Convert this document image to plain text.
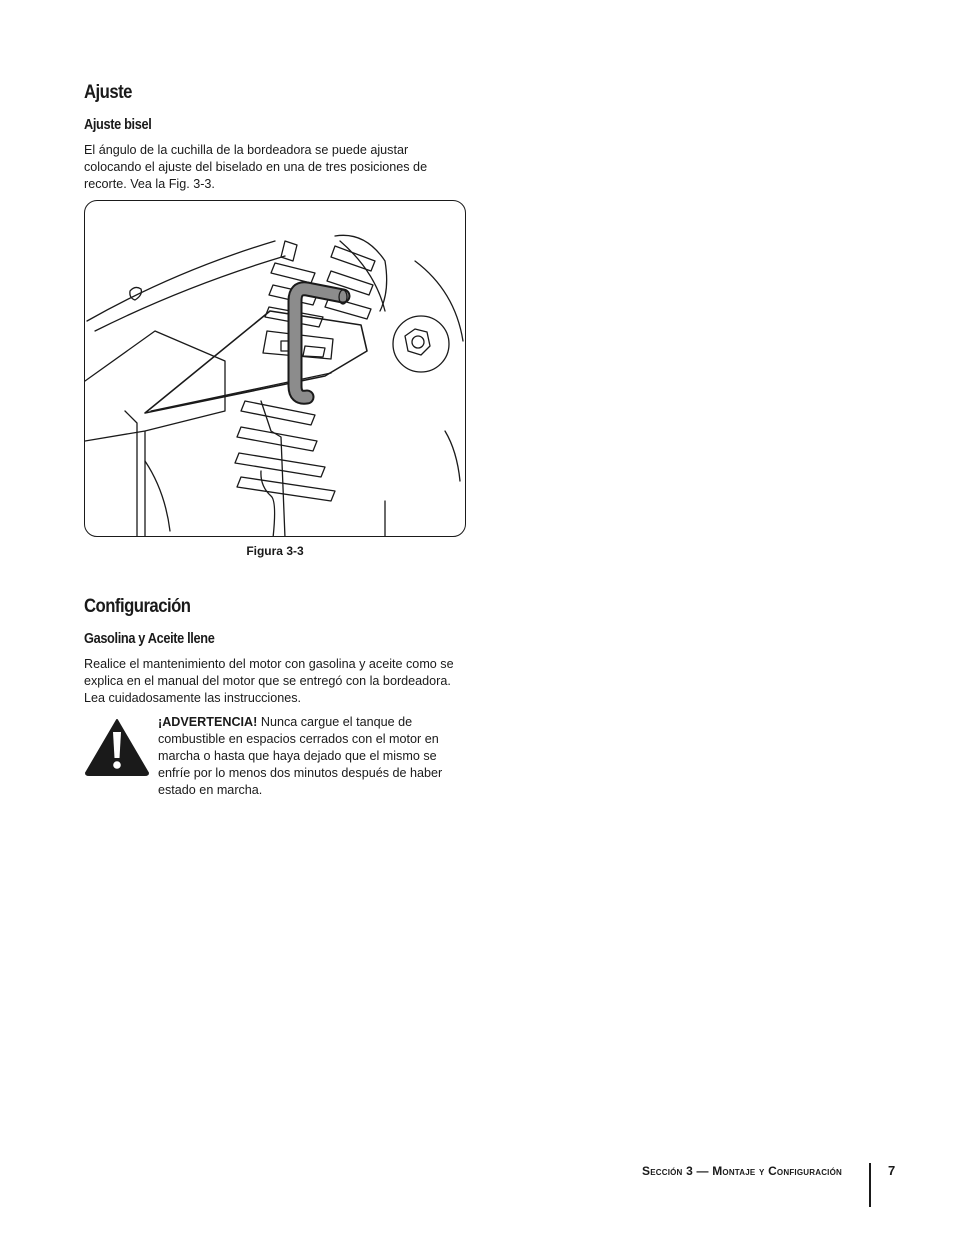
Ajuste
Ajuste bisel

El ángulo de la cuchilla de la bordeadora se puede ajustar colocando el ajuste del biselado en una de tres posiciones de recorte. Vea la Fig. 3-3.

Figura 3-3
Configuración
Gasolina y Aceite llene

Realice el mantenimiento del motor con gasolina y aceite como se explica en el manual del motor que se entregó con la bordeadora. Lea cuidadosamente las instrucciones.

¡ADVERTENCIA! Nunca cargue el tanque de combustible en espacios cerrados con el motor en marcha o hasta que haya dejado que el mismo se enfríe por lo menos dos minutos después de haber estado en marcha.

Sección 3 — Montaje y Configuración	7
